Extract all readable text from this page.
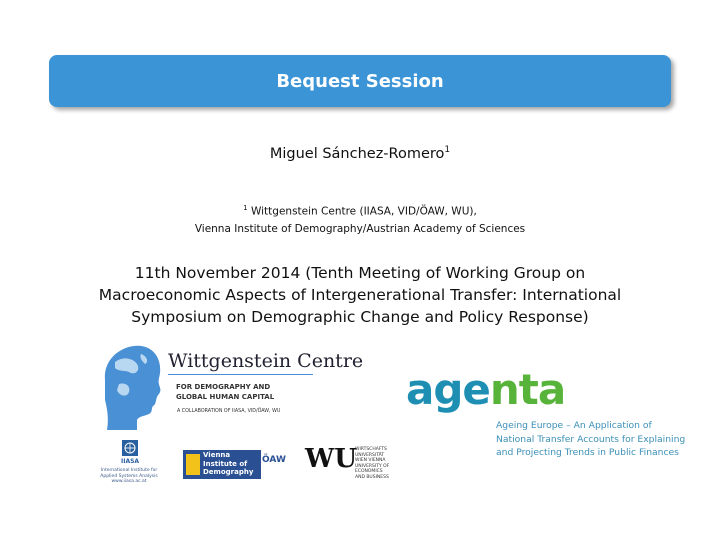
Bequest Session
Miguel Sánchez-Romero$^1$
$^1$ Wittgenstein Centre (IIASA, VID/ÖAW, WU),
Vienna Institute of Demography/Austrian Academy of Sciences
11th November 2014 (Tenth Meeting of Working Group on
Macroeconomic Aspects of Intergenerational Transfer: International
Symposium on Demographic Change and Policy Response)
Wittgenstein Centre
FOR DEMOGRAPHY AND
GLOBAL HUMAN CAPITAL
A COLLABORATION OF IIASA, VID/ÖAW, WU	agenta
Ageing Europe – An Application of
National Transfer Accounts for Explaining
and Projecting Trends in Public Finances
IIASA
International Institute for
Applied Systems Analysis
www.iiasa.ac.at
Vienna
Institute of
Demography
ÖAW WU
WIRTSCHAFTS
UNIVERSITÄT
WIEN VIENNA
UNIVERSITY OF
ECONOMICS
AND BUSINESS
